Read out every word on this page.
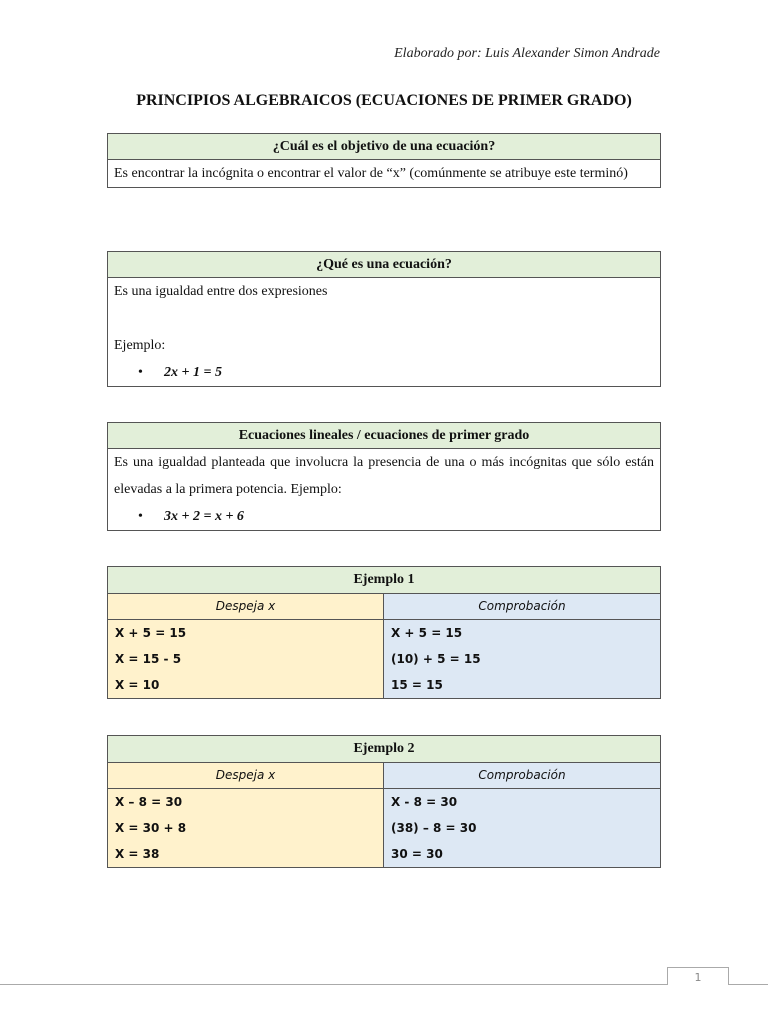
Elaborado por: Luis Alexander Simon Andrade
PRINCIPIOS ALGEBRAICOS (ECUACIONES DE PRIMER GRADO)
¿Cuál es el objetivo de una ecuación?
Es encontrar la incógnita o encontrar el valor de “x” (comúnmente se atribuye este terminó)
¿Qué es una ecuación?
Es una igualdad entre dos expresiones
Ejemplo:
• 2x + 1 = 5
Ecuaciones lineales / ecuaciones de primer grado
Es una igualdad planteada que involucra la presencia de una o más incógnitas que sólo están elevadas a la primera potencia. Ejemplo:
• 3x + 2 = x + 6
Ejemplo 1
Despeja x
X + 5 = 15
X = 15 - 5
X = 10
Comprobación
X + 5 = 15
(10) + 5 = 15
15 = 15
Ejemplo 2
Despeja x
X – 8 = 30
X = 30 + 8
X = 38
Comprobación
X - 8 = 30
(38) – 8 = 30
30 = 30
1
